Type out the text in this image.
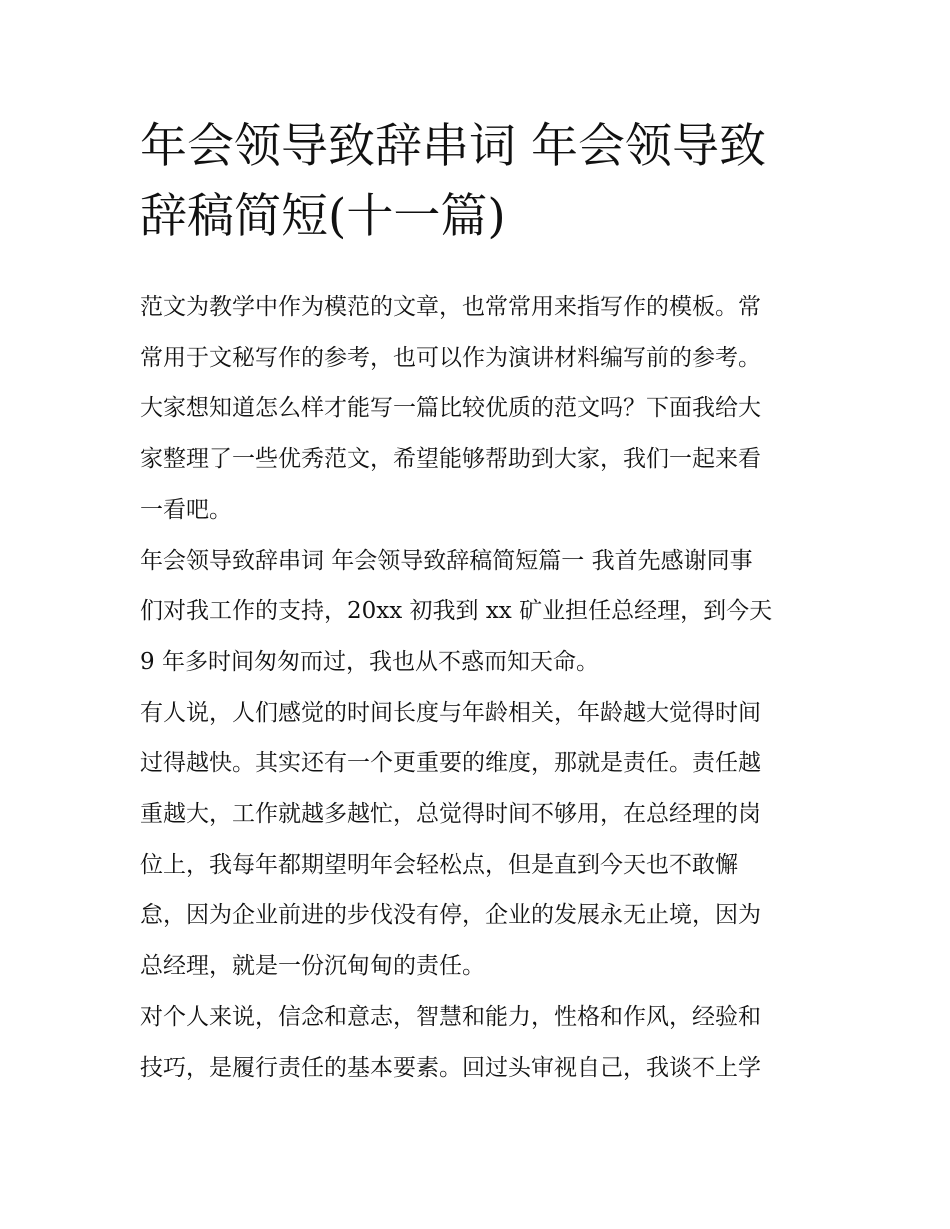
年会领导致辞串词 年会领导致
辞稿简短(十一篇)

范文为教学中作为模范的文章，也常常用来指写作的模板。常
常用于文秘写作的参考，也可以作为演讲材料编写前的参考。
大家想知道怎么样才能写一篇比较优质的范文吗？下面我给大
家整理了一些优秀范文，希望能够帮助到大家，我们一起来看
一看吧。

年会领导致辞串词 年会领导致辞稿简短篇一 我首先感谢同事
们对我工作的支持，20xx 初我到 xx 矿业担任总经理，到今天
9 年多时间匆匆而过，我也从不惑而知天命。

有人说，人们感觉的时间长度与年龄相关，年龄越大觉得时间
过得越快。其实还有一个更重要的维度，那就是责任。责任越
重越大，工作就越多越忙，总觉得时间不够用，在总经理的岗
位上，我每年都期望明年会轻松点，但是直到今天也不敢懈
怠，因为企业前进的步伐没有停，企业的发展永无止境，因为
总经理，就是一份沉甸甸的责任。

对个人来说，信念和意志，智慧和能力，性格和作风，经验和
技巧，是履行责任的基本要素。回过头审视自己，我谈不上学
